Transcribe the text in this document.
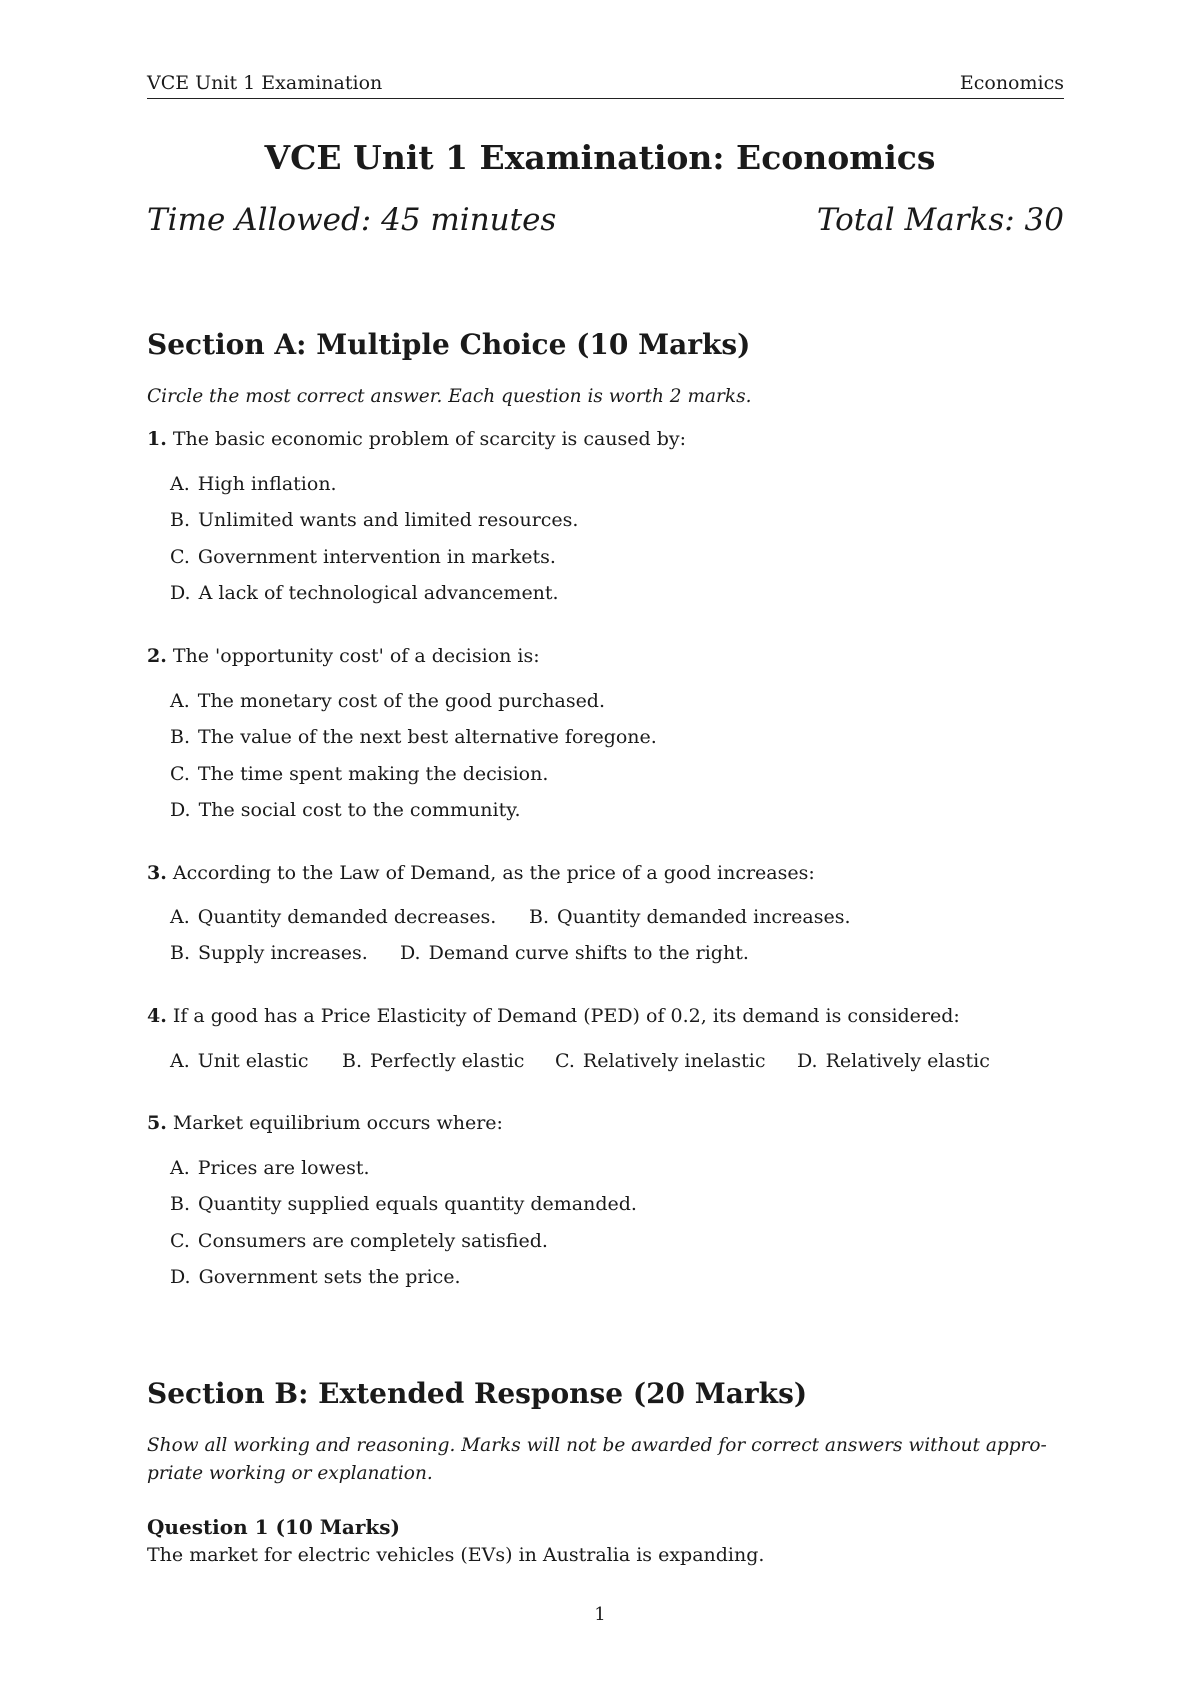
VCE Unit 1 Examination	Economics
VCE Unit 1 Examination: Economics
Time Allowed: 45 minutes	Total Marks: 30
Section A: Multiple Choice (10 Marks)
Circle the most correct answer. Each question is worth 2 marks.
1. The basic economic problem of scarcity is caused by:
A. High inflation.
B. Unlimited wants and limited resources.
C. Government intervention in markets.
D. A lack of technological advancement.
2. The 'opportunity cost' of a decision is:
A. The monetary cost of the good purchased.
B. The value of the next best alternative foregone.
C. The time spent making the decision.
D. The social cost to the community.
3. According to the Law of Demand, as the price of a good increases:
A. Quantity demanded decreases. B. Quantity demanded increases.
B. Supply increases. D. Demand curve shifts to the right.
4. If a good has a Price Elasticity of Demand (PED) of 0.2, its demand is considered:
A. Unit elastic B. Perfectly elastic C. Relatively inelastic D. Relatively elastic
5. Market equilibrium occurs where:
A. Prices are lowest.
B. Quantity supplied equals quantity demanded.
C. Consumers are completely satisfied.
D. Government sets the price.
Section B: Extended Response (20 Marks)
Show all working and reasoning. Marks will not be awarded for correct answers without appro-priate working or explanation.
Question 1 (10 Marks)
The market for electric vehicles (EVs) in Australia is expanding.
1
